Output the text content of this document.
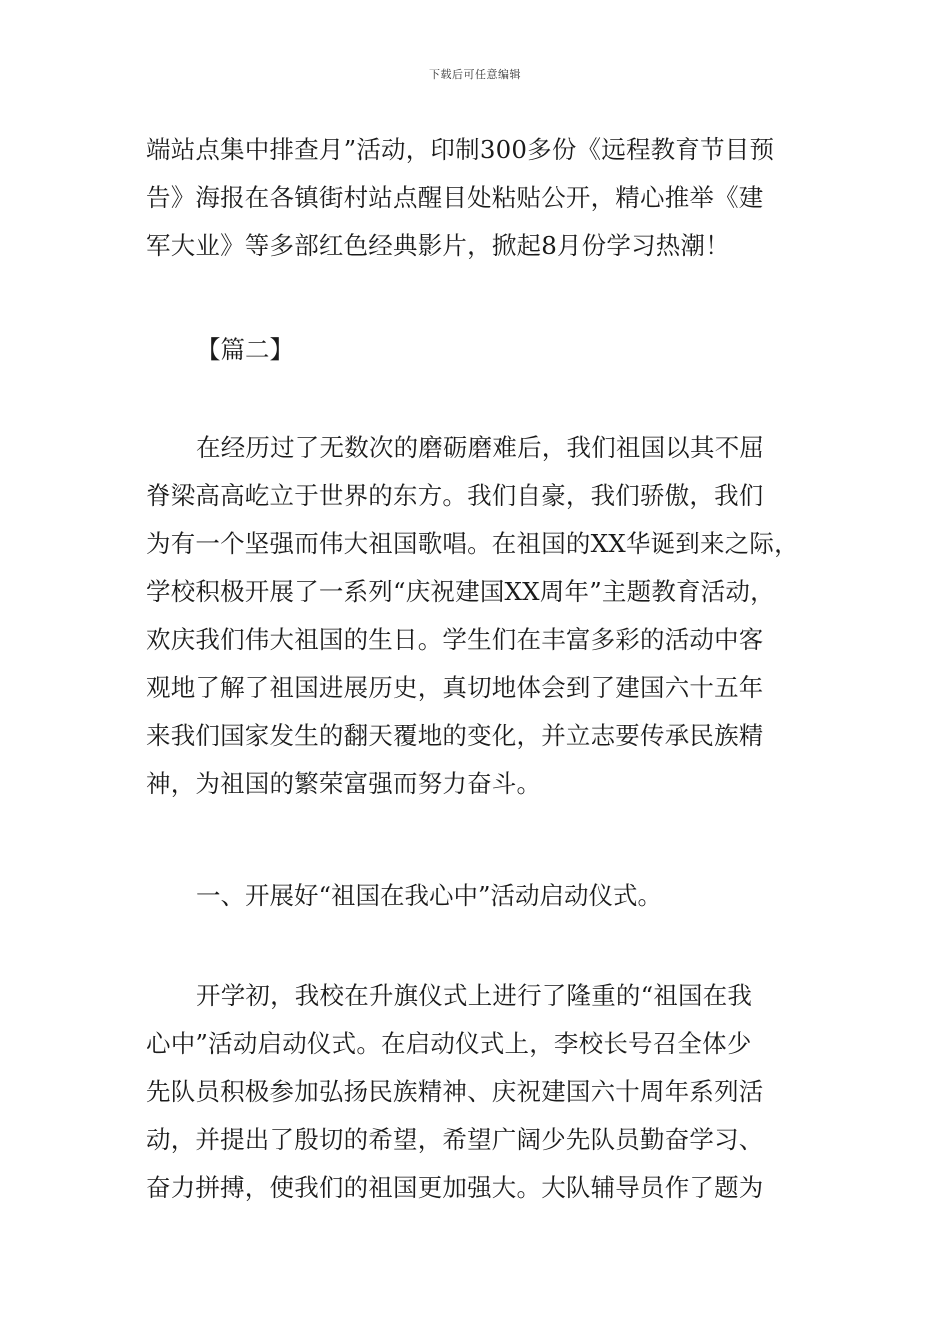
下载后可任意编辑
端站点集中排查月”活动，印制300多份《远程教育节目预
告》海报在各镇街村站点醒目处粘贴公开，精心推举《建
军大业》等多部红色经典影片，掀起8月份学习热潮！
【篇二】
在经历过了无数次的磨砺磨难后，我们祖国以其不屈
脊梁高高屹立于世界的东方。我们自豪，我们骄傲，我们
为有一个坚强而伟大祖国歌唱。在祖国的XX华诞到来之际，
学校积极开展了一系列“庆祝建国XX周年”主题教育活动，
欢庆我们伟大祖国的生日。学生们在丰富多彩的活动中客
观地了解了祖国进展历史，真切地体会到了建国六十五年
来我们国家发生的翻天覆地的变化，并立志要传承民族精
神，为祖国的繁荣富强而努力奋斗。
一、开展好“祖国在我心中”活动启动仪式。
开学初，我校在升旗仪式上进行了隆重的“祖国在我
心中”活动启动仪式。在启动仪式上，李校长号召全体少
先队员积极参加弘扬民族精神、庆祝建国六十周年系列活
动，并提出了殷切的希望，希望广阔少先队员勤奋学习、
奋力拼搏，使我们的祖国更加强大。大队辅导员作了题为
